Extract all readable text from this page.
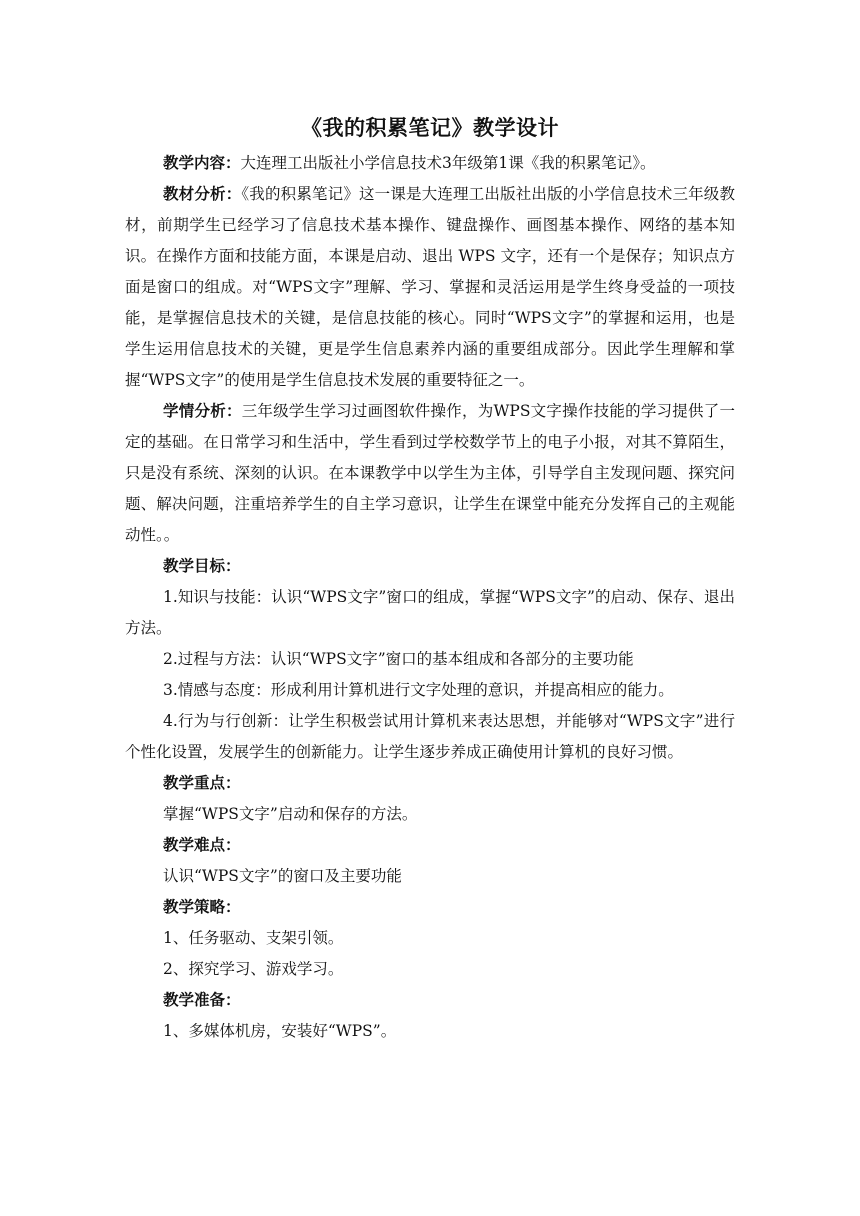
《我的积累笔记》教学设计

教学内容：大连理工出版社小学信息技术3年级第1课《我的积累笔记》。

教材分析：《我的积累笔记》这一课是大连理工出版社出版的小学信息技术三年级教材，前期学生已经学习了信息技术基本操作、键盘操作、画图基本操作、网络的基本知识。在操作方面和技能方面，本课是启动、退出 WPS 文字，还有一个是保存；知识点方面是窗口的组成。对“WPS文字”理解、学习、掌握和灵活运用是学生终身受益的一项技能，是掌握信息技术的关键，是信息技能的核心。同时“WPS文字”的掌握和运用，也是学生运用信息技术的关键，更是学生信息素养内涵的重要组成部分。因此学生理解和掌握“WPS文字”的使用是学生信息技术发展的重要特征之一。

学情分析：三年级学生学习过画图软件操作，为WPS文字操作技能的学习提供了一定的基础。在日常学习和生活中，学生看到过学校数学节上的电子小报，对其不算陌生，只是没有系统、深刻的认识。在本课教学中以学生为主体，引导学自主发现问题、探究问题、解决问题，注重培养学生的自主学习意识，让学生在课堂中能充分发挥自己的主观能动性。。

教学目标：

1.知识与技能：认识“WPS文字”窗口的组成，掌握“WPS文字”的启动、保存、退出方法。

2.过程与方法：认识“WPS文字”窗口的基本组成和各部分的主要功能

3.情感与态度：形成利用计算机进行文字处理的意识，并提高相应的能力。

4.行为与行创新：让学生积极尝试用计算机来表达思想，并能够对“WPS文字”进行个性化设置，发展学生的创新能力。让学生逐步养成正确使用计算机的良好习惯。

教学重点：

掌握“WPS文字”启动和保存的方法。

教学难点：

认识“WPS文字”的窗口及主要功能

教学策略：

1、任务驱动、支架引领。

2、探究学习、游戏学习。

教学准备：

1、多媒体机房，安装好“WPS”。
